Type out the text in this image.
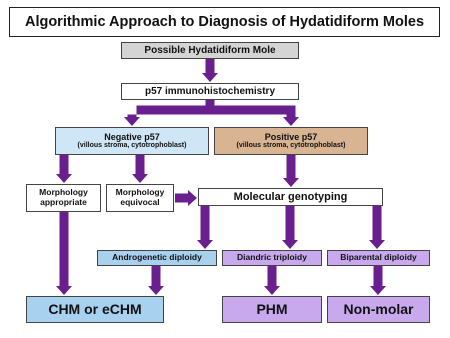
Algorithmic Approach to Diagnosis of Hydatidiform Moles
Possible Hydatidiform Mole
p57 immunohistochemistry
Negative p57
(villous stroma, cytotrophoblast)
Positive p57
(villous stroma, cytotrophoblast)
Morphology
appropriate
Morphology
equivocal	Molecular genotyping
Androgenetic diploidy	Diandric triploidy	Biparental diploidy
CHM or eCHM	PHM	Non-molar
